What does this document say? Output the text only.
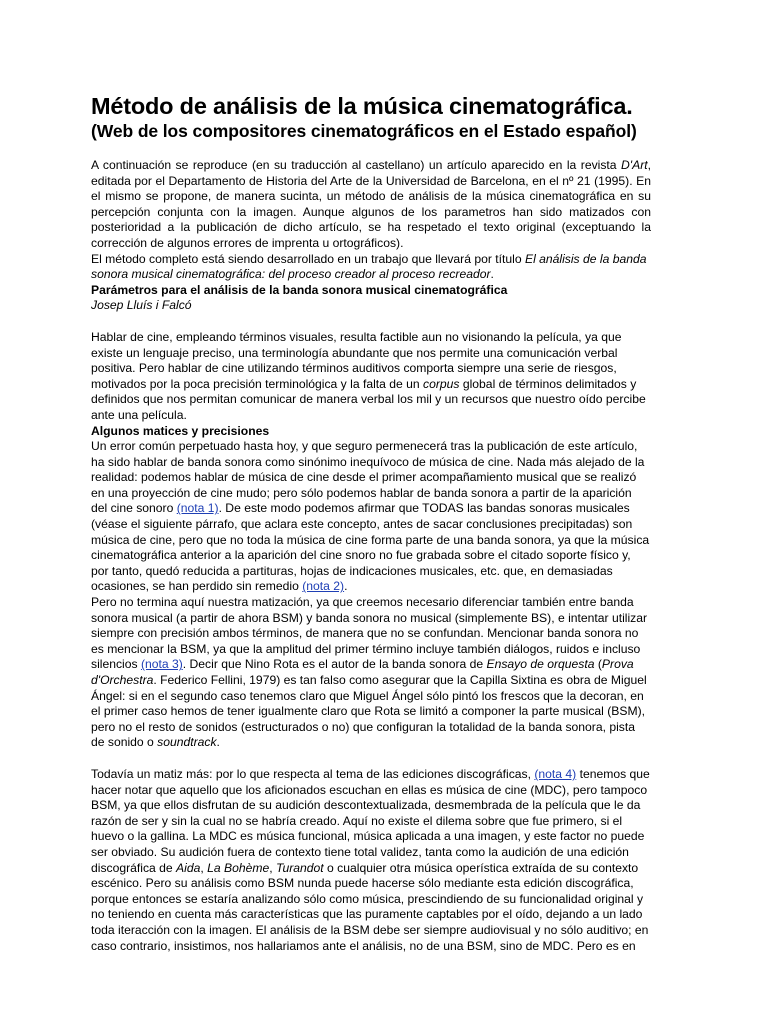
Método de análisis de la música cinematográfica.
(Web de los compositores cinematográficos en el Estado español)

A continuación se reproduce (en su traducción al castellano) un artículo aparecido en la revista D'Art, editada por el Departamento de Historia del Arte de la Universidad de Barcelona, en el nº 21 (1995). En el mismo se propone, de manera sucinta, un método de análisis de la música cinematográfica en su percepción conjunta con la imagen. Aunque algunos de los parametros han sido matizados con posterioridad a la publicación de dicho artículo, se ha respetado el texto original (exceptuando la corrección de algunos errores de imprenta u ortográficos).

El método completo está siendo desarrollado en un trabajo que llevará por título El análisis de la banda sonora musical cinematográfica: del proceso creador al proceso recreador.

Parámetros para el análisis de la banda sonora musical cinematográfica

Josep Lluís i Falcó

Hablar de cine, empleando términos visuales, resulta factible aun no visionando la película, ya que existe un lenguaje preciso, una terminología abundante que nos permite una comunicación verbal positiva. Pero hablar de cine utilizando términos auditivos comporta siempre una serie de riesgos, motivados por la poca precisión terminológica y la falta de un corpus global de términos delimitados y definidos que nos permitan comunicar de manera verbal los mil y un recursos que nuestro oído percibe ante una película.

Algunos matices y precisiones

Un error común perpetuado hasta hoy, y que seguro permenecerá tras la publicación de este artículo, ha sido hablar de banda sonora como sinónimo inequívoco de música de cine. Nada más alejado de la realidad: podemos hablar de música de cine desde el primer acompañamiento musical que se realizó en una proyección de cine mudo; pero sólo podemos hablar de banda sonora a partir de la aparición del cine sonoro (nota 1). De este modo podemos afirmar que TODAS las bandas sonoras musicales (véase el siguiente párrafo, que aclara este concepto, antes de sacar conclusiones precipitadas) son música de cine, pero que no toda la música de cine forma parte de una banda sonora, ya que la música cinematográfica anterior a la aparición del cine snoro no fue grabada sobre el citado soporte físico y, por tanto, quedó reducida a partituras, hojas de indicaciones musicales, etc. que, en demasiadas ocasiones, se han perdido sin remedio (nota 2).

Pero no termina aquí nuestra matización, ya que creemos necesario diferenciar también entre banda sonora musical (a partir de ahora BSM) y banda sonora no musical (simplemente BS), e intentar utilizar siempre con precisión ambos términos, de manera que no se confundan. Mencionar banda sonora no es mencionar la BSM, ya que la amplitud del primer término incluye también diálogos, ruidos e incluso silencios (nota 3). Decir que Nino Rota es el autor de la banda sonora de Ensayo de orquesta (Prova d'Orchestra. Federico Fellini, 1979) es tan falso como asegurar que la Capilla Sixtina es obra de Miguel Ángel: si en el segundo caso tenemos claro que Miguel Ángel sólo pintó los frescos que la decoran, en el primer caso hemos de tener igualmente claro que Rota se limitó a componer la parte musical (BSM), pero no el resto de sonidos (estructurados o no) que configuran la totalidad de la banda sonora, pista de sonido o soundtrack.

Todavía un matiz más: por lo que respecta al tema de las ediciones discográficas, (nota 4) tenemos que hacer notar que aquello que los aficionados escuchan en ellas es música de cine (MDC), pero tampoco BSM, ya que ellos disfrutan de su audición descontextualizada, desmembrada de la película que le da razón de ser y sin la cual no se habría creado. Aquí no existe el dilema sobre que fue primero, si el huevo o la gallina. La MDC es música funcional, música aplicada a una imagen, y este factor no puede ser obviado. Su audición fuera de contexto tiene total validez, tanta como la audición de una edición discográfica de Aida, La Bohème, Turandot o cualquier otra música operística extraída de su contexto escénico. Pero su análisis como BSM nunda puede hacerse sólo mediante esta edición discográfica, porque entonces se estaría analizando sólo como música, prescindiendo de su funcionalidad original y no teniendo en cuenta más características que las puramente captables por el oído, dejando a un lado toda iteracción con la imagen. El análisis de la BSM debe ser siempre audiovisual y no sólo auditivo; en caso contrario, insistimos, nos hallariamos ante el análisis, no de una BSM, sino de MDC. Pero es en
